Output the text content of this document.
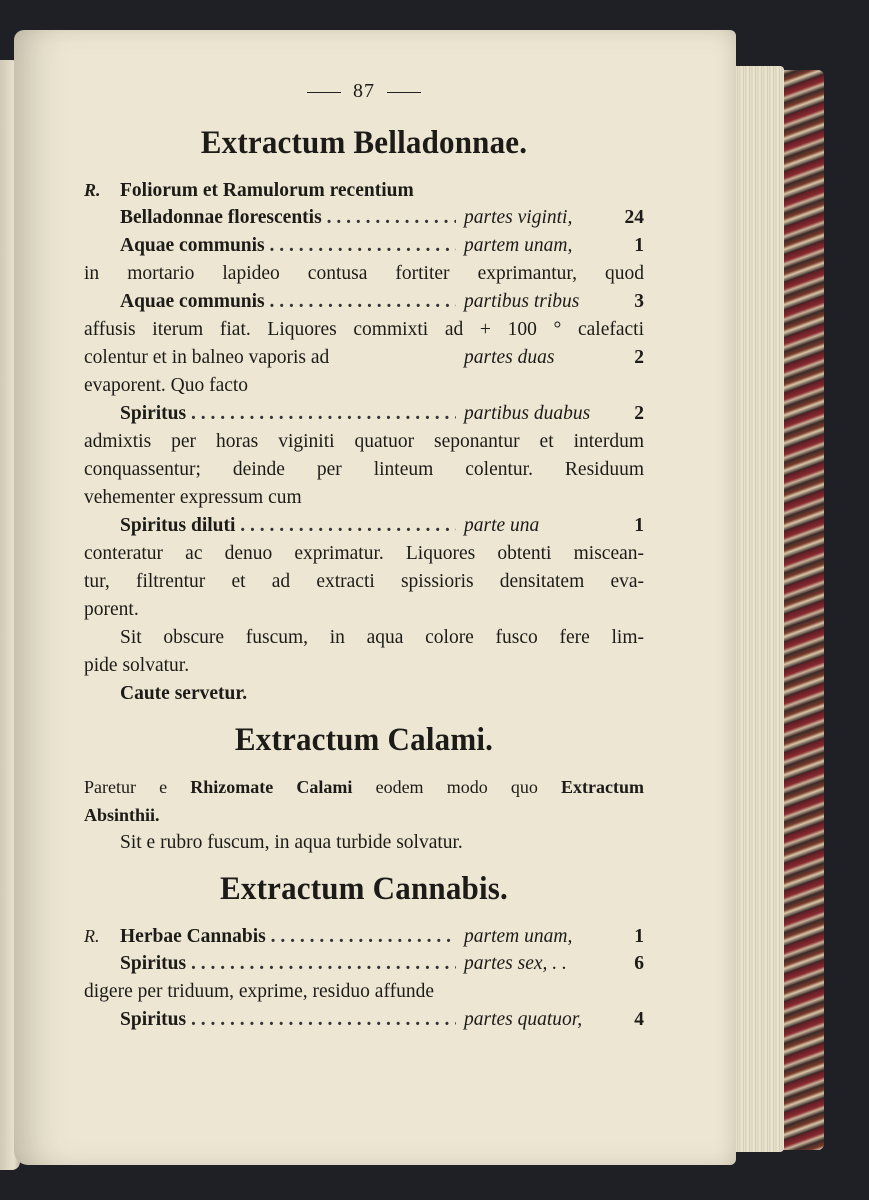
87
Extractum Belladonnae.
R. Foliorum et Ramulorum recentium
Belladonnae florescentis . . .	partes viginti,	24
Aquae communis . . .	partem unam,	1
in mortario lapideo contusa fortiter exprimantur, quod
Aquae communis . . .	partibus tribus	3
affusis iterum fiat. Liquores commixti ad + 100 ° calefacti
colentur et in balneo vaporis ad	partes duas	2
evaporent. Quo facto
Spiritus . . .	partibus duabus	2
admixtis per horas viginiti quatuor seponantur et interdum
conquassentur; deinde per linteum colentur. Residuum
vehementer expressum cum
Spiritus diluti . . .	parte una	1
conteratur ac denuo exprimatur. Liquores obtenti miscean-
tur, filtrentur et ad extracti spissioris densitatem eva-
porent.
Sit obscure fuscum, in aqua colore fusco fere lim-
pide solvatur.
Caute servetur.
Extractum Calami.
Paretur e Rhizomate Calami eodem modo quo Extractum
Absinthii.
Sit e rubro fuscum, in aqua turbide solvatur.
Extractum Cannabis.
R.	Herbae Cannabis . . .	partem unam,	1
Spiritus . . .	partes sex, . .	6
digere per triduum, exprime, residuo affunde
Spiritus . . .	partes quatuor,	4
